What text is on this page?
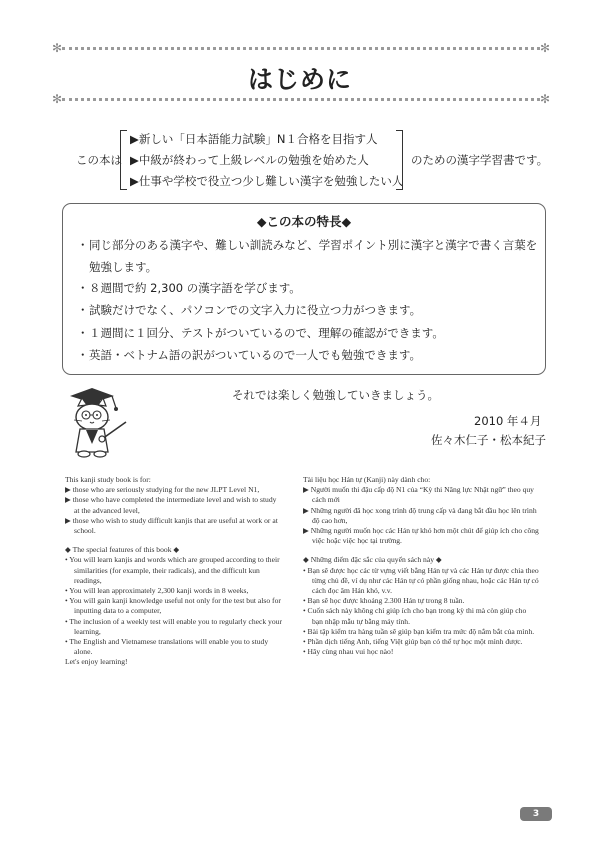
✻	✻
はじめに
✻	✻
この本は
▶新しい「日本語能力試験」N１合格を目指す人
▶中級が終わって上級レベルの勉強を始めた人
▶仕事や学校で役立つ少し難しい漢字を勉強したい人
のための漢字学習書です。
◆この本の特長◆
・同じ部分のある漢字や、難しい訓読みなど、学習ポイント別に漢字と漢字で書く言葉を
勉強します。
・８週間で約 2,300 の漢字語を学びます。
・試験だけでなく、パソコンでの文字入力に役立つ力がつきます。
・１週間に１回分、テストがついているので、理解の確認ができます。
・英語・ベトナム語の訳がついているので一人でも勉強できます。
それでは楽しく勉強していきましょう。
2010 年４月
佐々木仁子・松本紀子

This kanji study book is for:

▶ those who are seriously studying for the new JLPT Level N1,

▶ those who have completed the intermediate level and wish to study at the advanced level,

▶ those who wish to study difficult kanjis that are useful at work or at school.

◆ The special features of this book ◆

• You will learn kanjis and words which are grouped according to their similarities (for example, their radicals), and the difficult kun readings,

• You will lean approximately 2,300 kanji words in 8 weeks,

• You will gain kanji knowledge useful not only for the test but also for inputting data to a computer,

• The inclusion of a weekly test will enable you to regularly check your learning,

• The English and Vietnamese translations will enable you to study alone.

Let's enjoy learning!

Tài liệu học Hán tự (Kanji) này dành cho:

▶ Người muốn thi đậu cấp độ N1 của “Kỳ thi Năng lực Nhật ngữ” theo quy cách mới

▶ Những người đã học xong trình độ trung cấp và đang bắt đầu học lên trình độ cao hơn,

▶ Những người muốn học các Hán tự khó hơn một chút để giúp ích cho công việc hoặc việc học tại trường.

◆ Những điểm đặc sắc của quyển sách này ◆

• Bạn sẽ được học các từ vựng viết bằng Hán tự và các Hán tự được chia theo từng chủ đề, ví dụ như các Hán tự có phần giống nhau, hoặc các Hán tự có cách đọc âm Hán khó, v.v.

• Bạn sẽ học được khoảng 2.300 Hán tự trong 8 tuần.

• Cuốn sách này không chỉ giúp ích cho bạn trong kỳ thi mà còn giúp cho bạn nhập mẫu tự bằng máy tính.

• Bài tập kiểm tra hàng tuần sẽ giúp bạn kiểm tra mức độ nắm bắt của mình.

• Phần dịch tiếng Anh, tiếng Việt giúp bạn có thể tự học một mình được.

• Hãy cùng nhau vui học nào!

3
